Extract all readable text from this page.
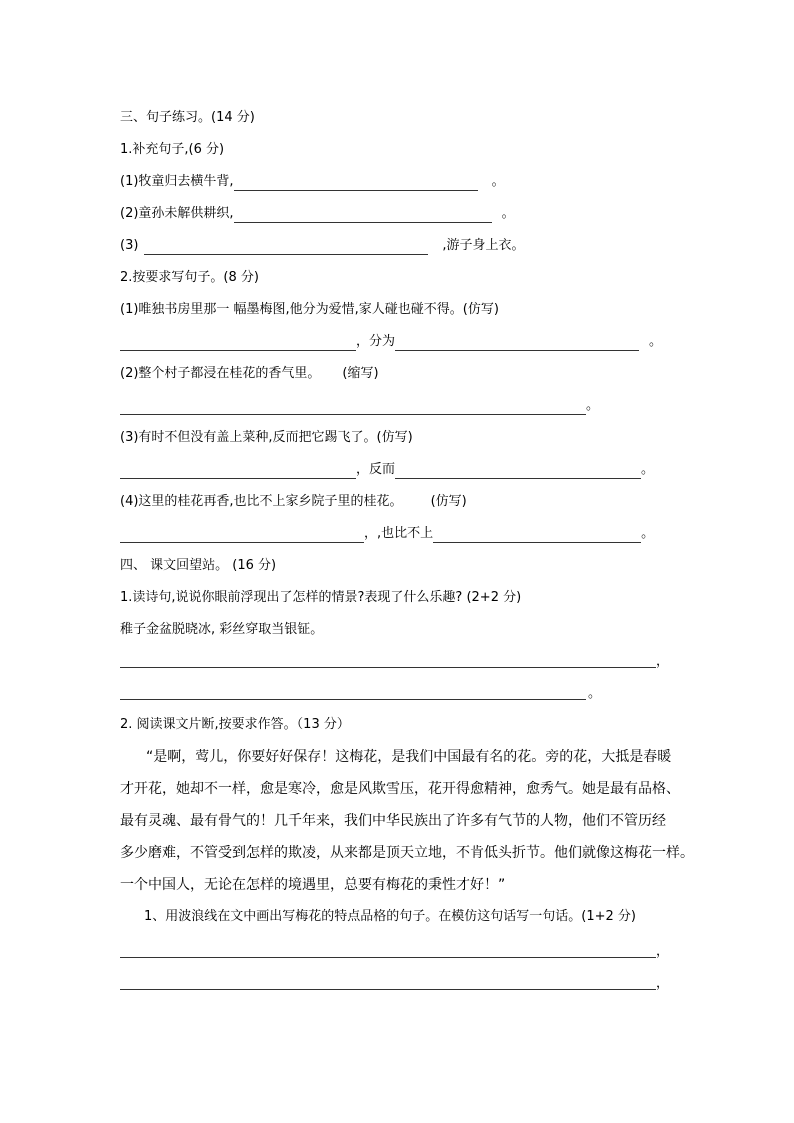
三、句子练习。(14 分)
1.补充句子,(6 分)
(1)牧童归去横牛背,	。
(2)童孙未解供耕织,	。
(3)	,游子身上衣。
2.按要求写句子。(8 分)
(1)唯独书房里那一 幅墨梅图,他分为爱惜,家人碰也碰不得。(仿写)
，分为	。
(2)整个村子都浸在桂花的香气里。 (缩写)
。
(3)有时不但没有盖上菜种,反而把它踢飞了。(仿写)
，反而	。
(4)这里的桂花再香,也比不上家乡院子里的桂花。 (仿写)
，,也比不上	。
四、 课文回望站。 (16 分)
1.读诗句,说说你眼前浮现出了怎样的情景?表现了什么乐趣? (2+2 分)
稚子金盆脱晓冰, 彩丝穿取当银钲。
，
。
2. 阅读课文片断,按要求作答。（13 分）
“是啊，莺儿，你要好好保存！这梅花，是我们中国最有名的花。旁的花，大抵是春暖
才开花，她却不一样，愈是寒冷，愈是风欺雪压，花开得愈精神，愈秀气。她是最有品格、
最有灵魂、最有骨气的！几千年来，我们中华民族出了许多有气节的人物，他们不管历经
多少磨难，不管受到怎样的欺凌，从来都是顶天立地，不肯低头折节。他们就像这梅花一样。
一个中国人，无论在怎样的境遇里，总要有梅花的秉性才好！”
1、用波浪线在文中画出写梅花的特点品格的句子。在模仿这句话写一句话。(1+2 分)
，
，
